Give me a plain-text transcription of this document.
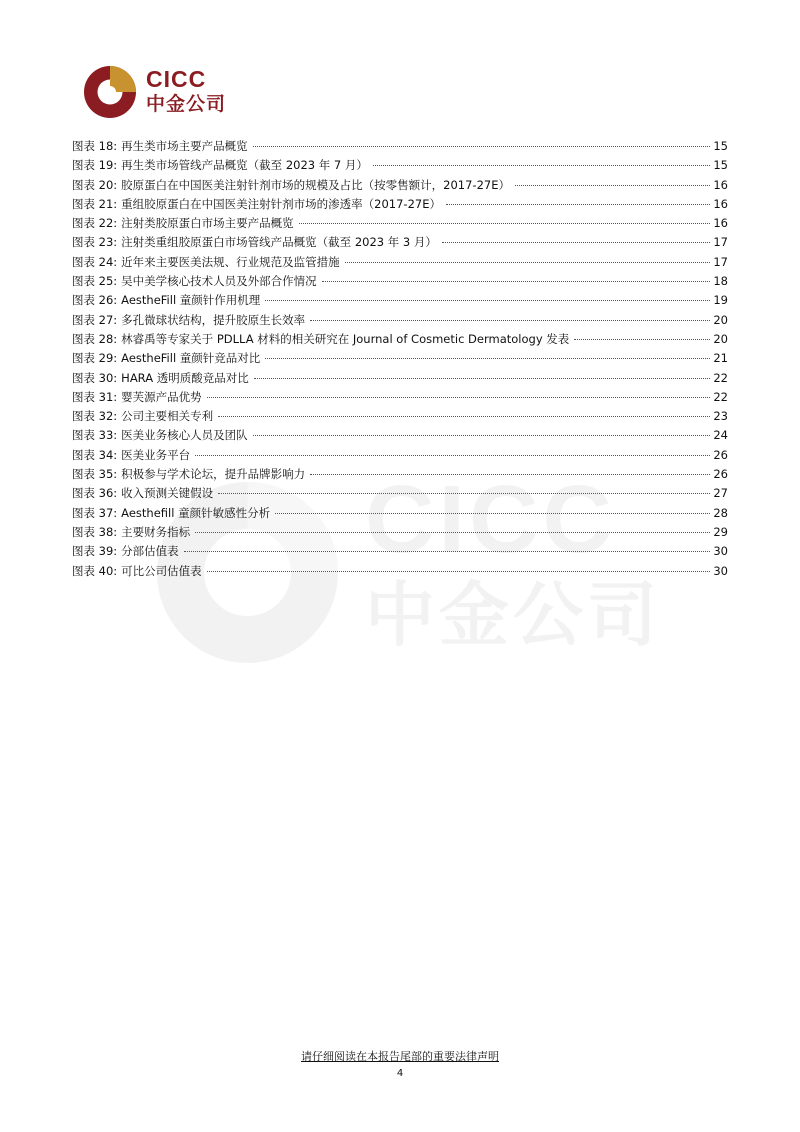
CICC
中金公司
CICC
中金公司
图表 18: 再生类市场主要产品概览	15
图表 19: 再生类市场管线产品概览（截至 2023 年 7 月）	15
图表 20: 胶原蛋白在中国医美注射针剂市场的规模及占比（按零售额计，2017-27E）	16
图表 21: 重组胶原蛋白在中国医美注射针剂市场的渗透率（2017-27E）	16
图表 22: 注射类胶原蛋白市场主要产品概览	16
图表 23: 注射类重组胶原蛋白市场管线产品概览（截至 2023 年 3 月）	17
图表 24: 近年来主要医美法规、行业规范及监管措施	17
图表 25: 吴中美学核心技术人员及外部合作情况	18
图表 26: AestheFill 童颜针作用机理	19
图表 27: 多孔微球状结构，提升胶原生长效率	20
图表 28: 林睿禹等专家关于 PDLLA 材料的相关研究在 Journal of Cosmetic Dermatology 发表	20
图表 29: AestheFill 童颜针竞品对比	21
图表 30: HARA 透明质酸竞品对比	22
图表 31: 婴芙源产品优势	22
图表 32: 公司主要相关专利	23
图表 33: 医美业务核心人员及团队	24
图表 34: 医美业务平台	26
图表 35: 积极参与学术论坛，提升品牌影响力	26
图表 36: 收入预测关键假设	27
图表 37: Aesthefill 童颜针敏感性分析	28
图表 38: 主要财务指标	29
图表 39: 分部估值表	30
图表 40: 可比公司估值表	30
请仔细阅读在本报告尾部的重要法律声明
4
